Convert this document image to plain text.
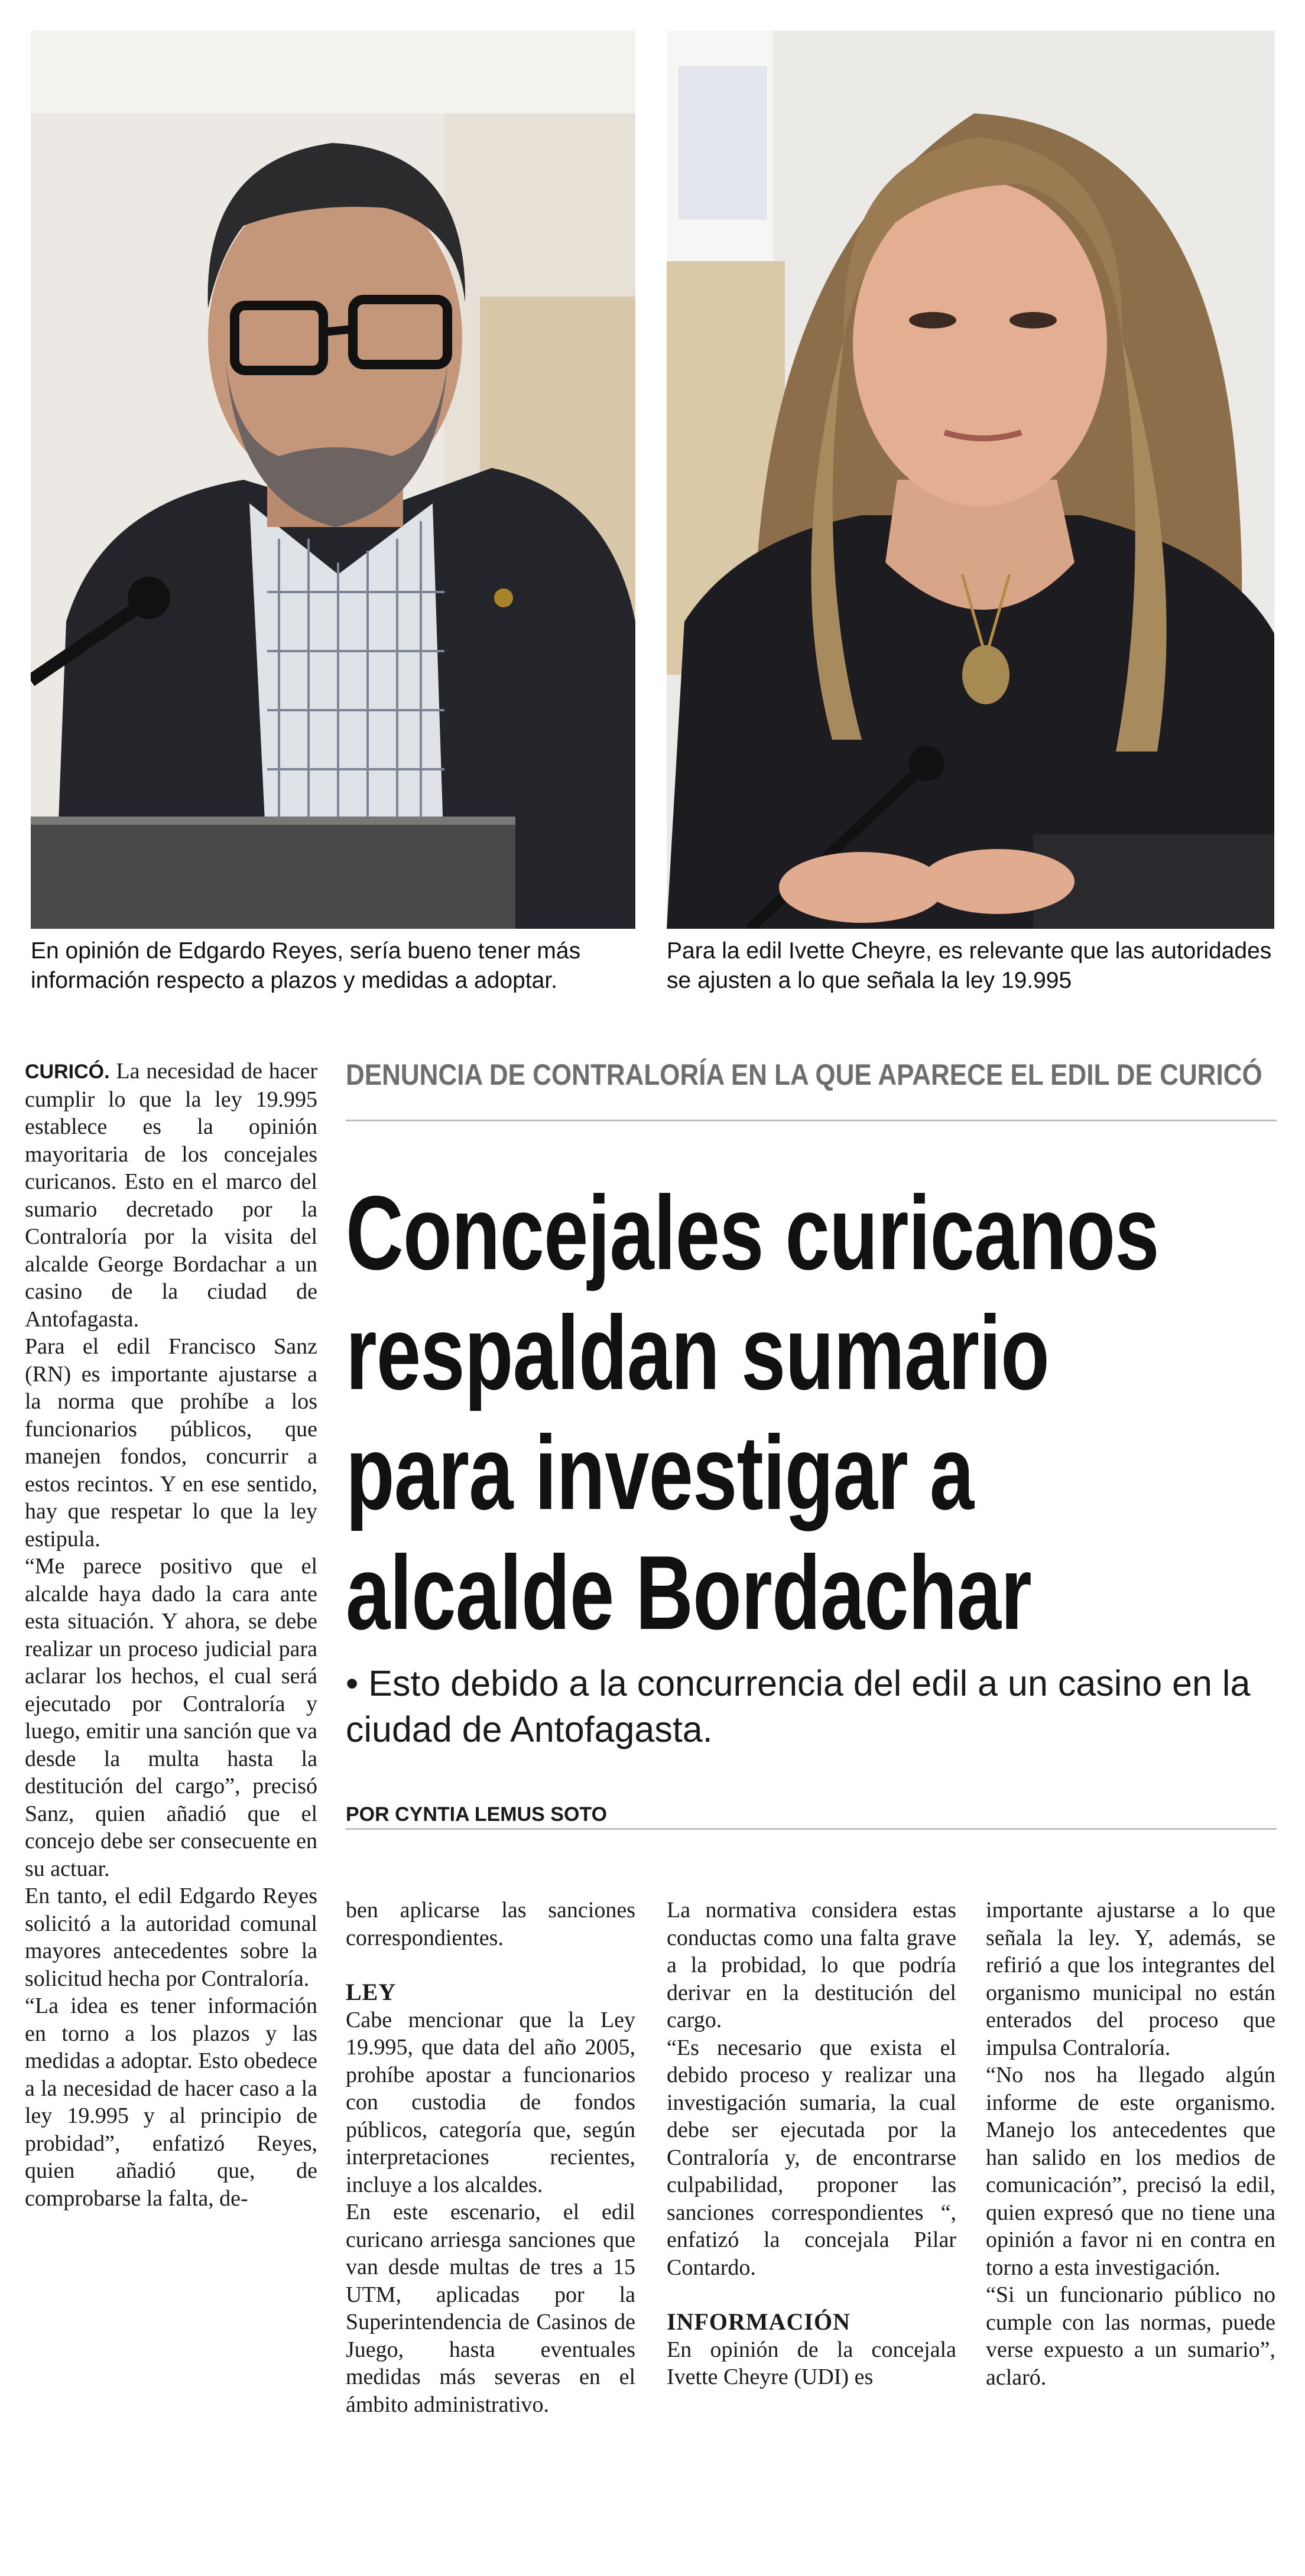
En opinión de Edgardo Reyes, sería bueno tener más información respecto a plazos y medidas a adoptar.
Para la edil Ivette Cheyre, es relevante que las autoridades se ajusten a lo que señala la ley 19.995
DENUNCIA DE CONTRALORÍA EN LA QUE APARECE EL EDIL DE CURICÓ
Concejales curicanos
respaldan sumario
para investigar a
alcalde Bordachar
• Esto debido a la concurrencia del edil a un casino en la ciudad de Antofagasta.
POR CYNTIA LEMUS SOTO

CURICÓ. La necesidad de hacer cumplir lo que la ley 19.995 establece es la opinión mayoritaria de los concejales curicanos. Esto en el marco del sumario decretado por la Contraloría por la visita del alcalde George Bordachar a un casino de la ciudad de Antofagasta.

Para el edil Francisco Sanz (RN) es importante ajustarse a la norma que prohíbe a los funcionarios públicos, que manejen fondos, concurrir a estos recintos. Y en ese sentido, hay que respetar lo que la ley estipula.

“Me parece positivo que el alcalde haya dado la cara ante esta situación. Y ahora, se debe realizar un proceso judicial para aclarar los hechos, el cual será ejecutado por Contraloría y luego, emitir una sanción que va desde la multa hasta la destitución del cargo”, precisó Sanz, quien añadió que el concejo debe ser consecuente en su actuar.

En tanto, el edil Edgardo Reyes solicitó a la autoridad comunal mayores antecedentes sobre la solicitud hecha por Contraloría.

“La idea es tener información en torno a los plazos y las medidas a adoptar. Esto obedece a la necesidad de hacer caso a la ley 19.995 y al principio de probidad”, enfatizó Reyes, quien añadió que, de comprobarse la falta, de-

ben aplicarse las sanciones correspondientes.

LEY

Cabe mencionar que la Ley 19.995, que data del año 2005, prohíbe apostar a funcionarios con custodia de fondos públicos, categoría que, según interpretaciones recientes, incluye a los alcaldes.

En este escenario, el edil curicano arriesga sanciones que van desde multas de tres a 15 UTM, aplicadas por la Superintendencia de Casinos de Juego, hasta eventuales medidas más severas en el ámbito administrativo.

La normativa considera estas conductas como una falta grave a la probidad, lo que podría derivar en la destitución del cargo.

“Es necesario que exista el debido proceso y realizar una investigación sumaria, la cual debe ser ejecutada por la Contraloría y, de encontrarse culpabilidad, proponer las sanciones correspondientes “, enfatizó la concejala Pilar Contardo.

INFORMACIÓN

En opinión de la concejala Ivette Cheyre (UDI) es

importante ajustarse a lo que señala la ley. Y, además, se refirió a que los integrantes del organismo municipal no están enterados del proceso que impulsa Contraloría.

“No nos ha llegado algún informe de este organismo. Manejo los antecedentes que han salido en los medios de comunicación”, precisó la edil, quien expresó que no tiene una opinión a favor ni en contra en torno a esta investigación.

“Si un funcionario público no cumple con las normas, puede verse expuesto a un sumario”, aclaró.
